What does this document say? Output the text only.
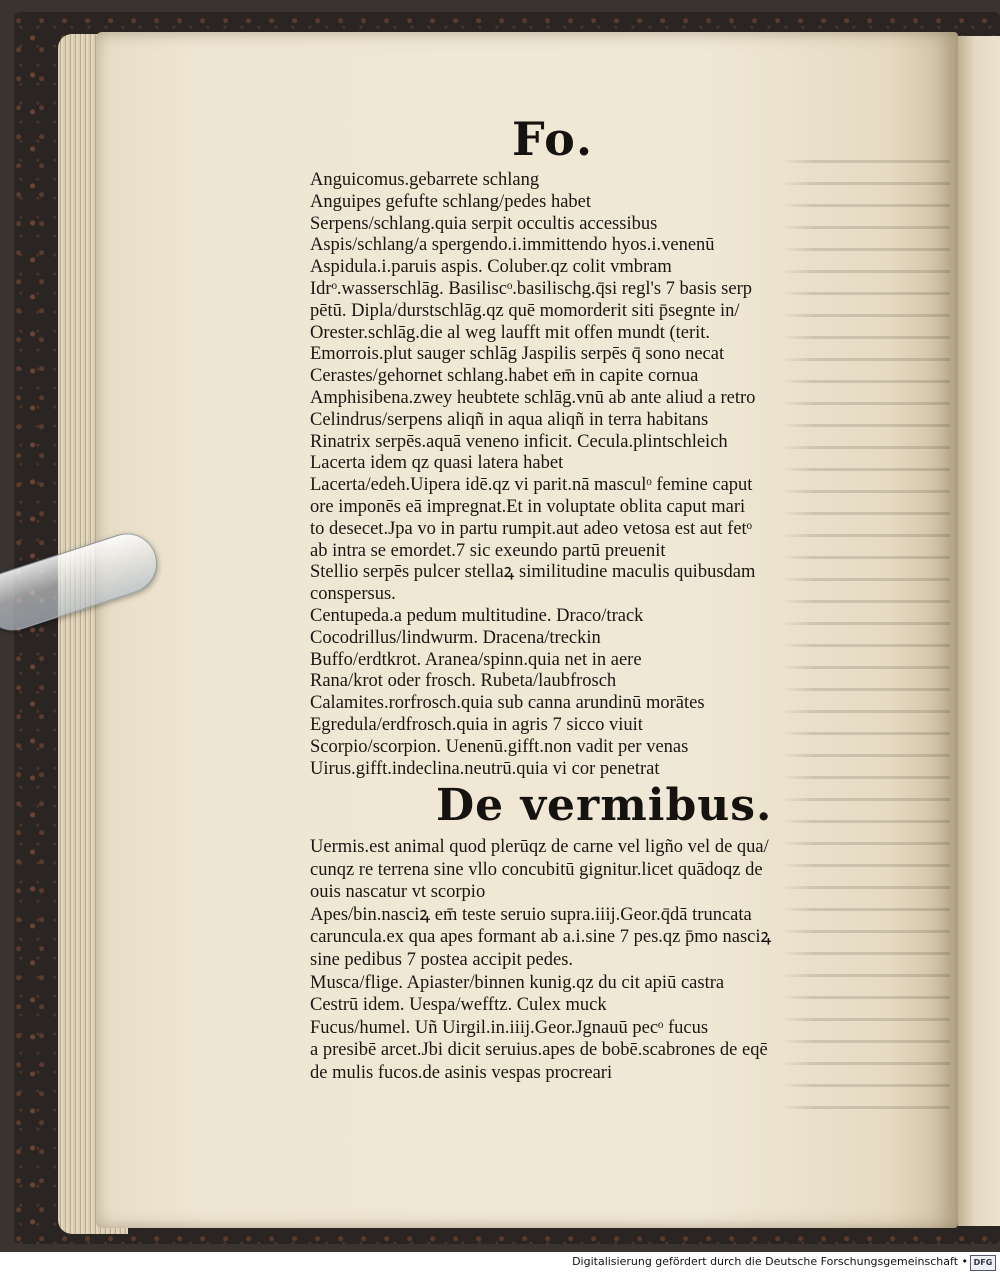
Fo.
Anguicomus.gebarrete schlang
Anguipes gefufte schlang/pedes habet
Serpens/schlang.quia serpit occultis accessibus
Aspis/schlang/a spergendo.i.immittendo hyos.i.venenū
Aspidula.i.paruis aspis. Coluber.qz colit vmbram
Idrᵒ.wasserschlāg. Basiliscᵒ.basilischg.q̄si regl's 7 basis serp
pētū. Dipla/durstschlāg.qz quē momorderit siti p̄segnte in/
Orester.schlāg.die al weg laufft mit offen mundt (terit.
Emorrois.plut sauger schlāg Jaspilis serpēs q̄ sono necat
Cerastes/gehornet schlang.habet em̄ in capite cornua
Amphisibena.zwey heubtete schlāg.vnū ab ante aliud a retro
Celindrus/serpens aliqñ in aqua aliqñ in terra habitans
Rinatrix serpēs.aquā veneno inficit. Cecula.plintschleich
Lacerta idem qz quasi latera habet
Lacerta/edeh.Uipera idē.qz vi parit.nā masculᵒ femine caput
ore imponēs eā impregnat.Et in voluptate oblita caput mari
to desecet.Jpa vo in partu rumpit.aut adeo vetosa est aut fetᵒ
ab intra se emordet.7 sic exeundo partū preuenit
Stellio serpēs pulcer stellaꝝ similitudine maculis quibusdam
conspersus.
Centupeda.a pedum multitudine. Draco/track
Cocodrillus/lindwurm. Dracena/treckin
Buffo/erdtkrot. Aranea/spinn.quia net in aere
Rana/krot oder frosch. Rubeta/laubfrosch
Calamites.rorfrosch.quia sub canna arundinū morātes
Egredula/erdfrosch.quia in agris 7 sicco viuit
Scorpio/scorpion. Uenenū.gifft.non vadit per venas
Uirus.gifft.indeclina.neutrū.quia vi cor penetrat
De vermibus.
Uermis.est animal quod plerūqz de carne vel ligño vel de qua/
cunqz re terrena sine vllo concubitū gignitur.licet quādoqz de
ouis nascatur vt scorpio
Apes/bin.nasciꝝ em̄ teste seruio supra.iiij.Geor.q̄dā truncata
caruncula.ex qua apes formant ab a.i.sine 7 pes.qz p̄mo nasciꝝ
sine pedibus 7 postea accipit pedes.
Musca/flige. Apiaster/binnen kunig.qz du cit apiū castra
Cestrū idem. Uespa/wefftz. Culex muck
Fucus/humel. Uñ Uirgil.in.iiij.Geor.Jgnauū pecᵒ fucus
a presibē arcet.Jbi dicit seruius.apes de bobē.scabrones de eqē
de mulis fucos.de asinis vespas procreari
Digitalisierung gefördert durch die Deutsche Forschungsgemeinschaft • DFG
